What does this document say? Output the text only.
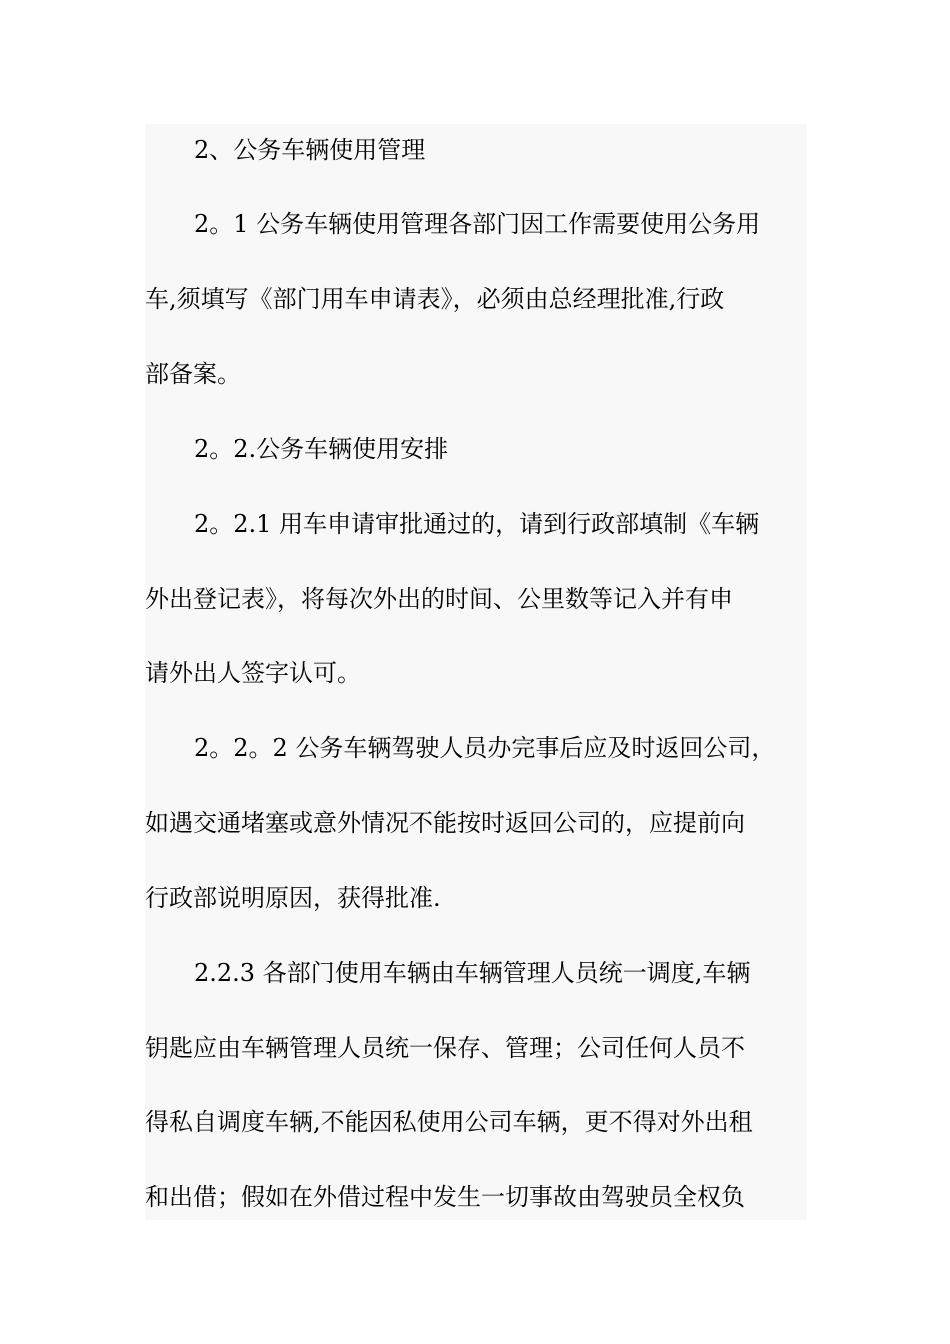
2、公务车辆使用管理
2。1 公务车辆使用管理各部门因工作需要使用公务用
车,须填写《部门用车申请表》，必须由总经理批准,行政
部备案。
2。2.公务车辆使用安排
2。2.1 用车申请审批通过的，请到行政部填制《车辆
外出登记表》，将每次外出的时间、公里数等记入并有申
请外出人签字认可。
2。2。2 公务车辆驾驶人员办完事后应及时返回公司，
如遇交通堵塞或意外情况不能按时返回公司的，应提前向
行政部说明原因，获得批准.
2.2.3 各部门使用车辆由车辆管理人员统一调度,车辆
钥匙应由车辆管理人员统一保存、管理；公司任何人员不
得私自调度车辆,不能因私使用公司车辆，更不得对外出租
和出借；假如在外借过程中发生一切事故由驾驶员全权负
